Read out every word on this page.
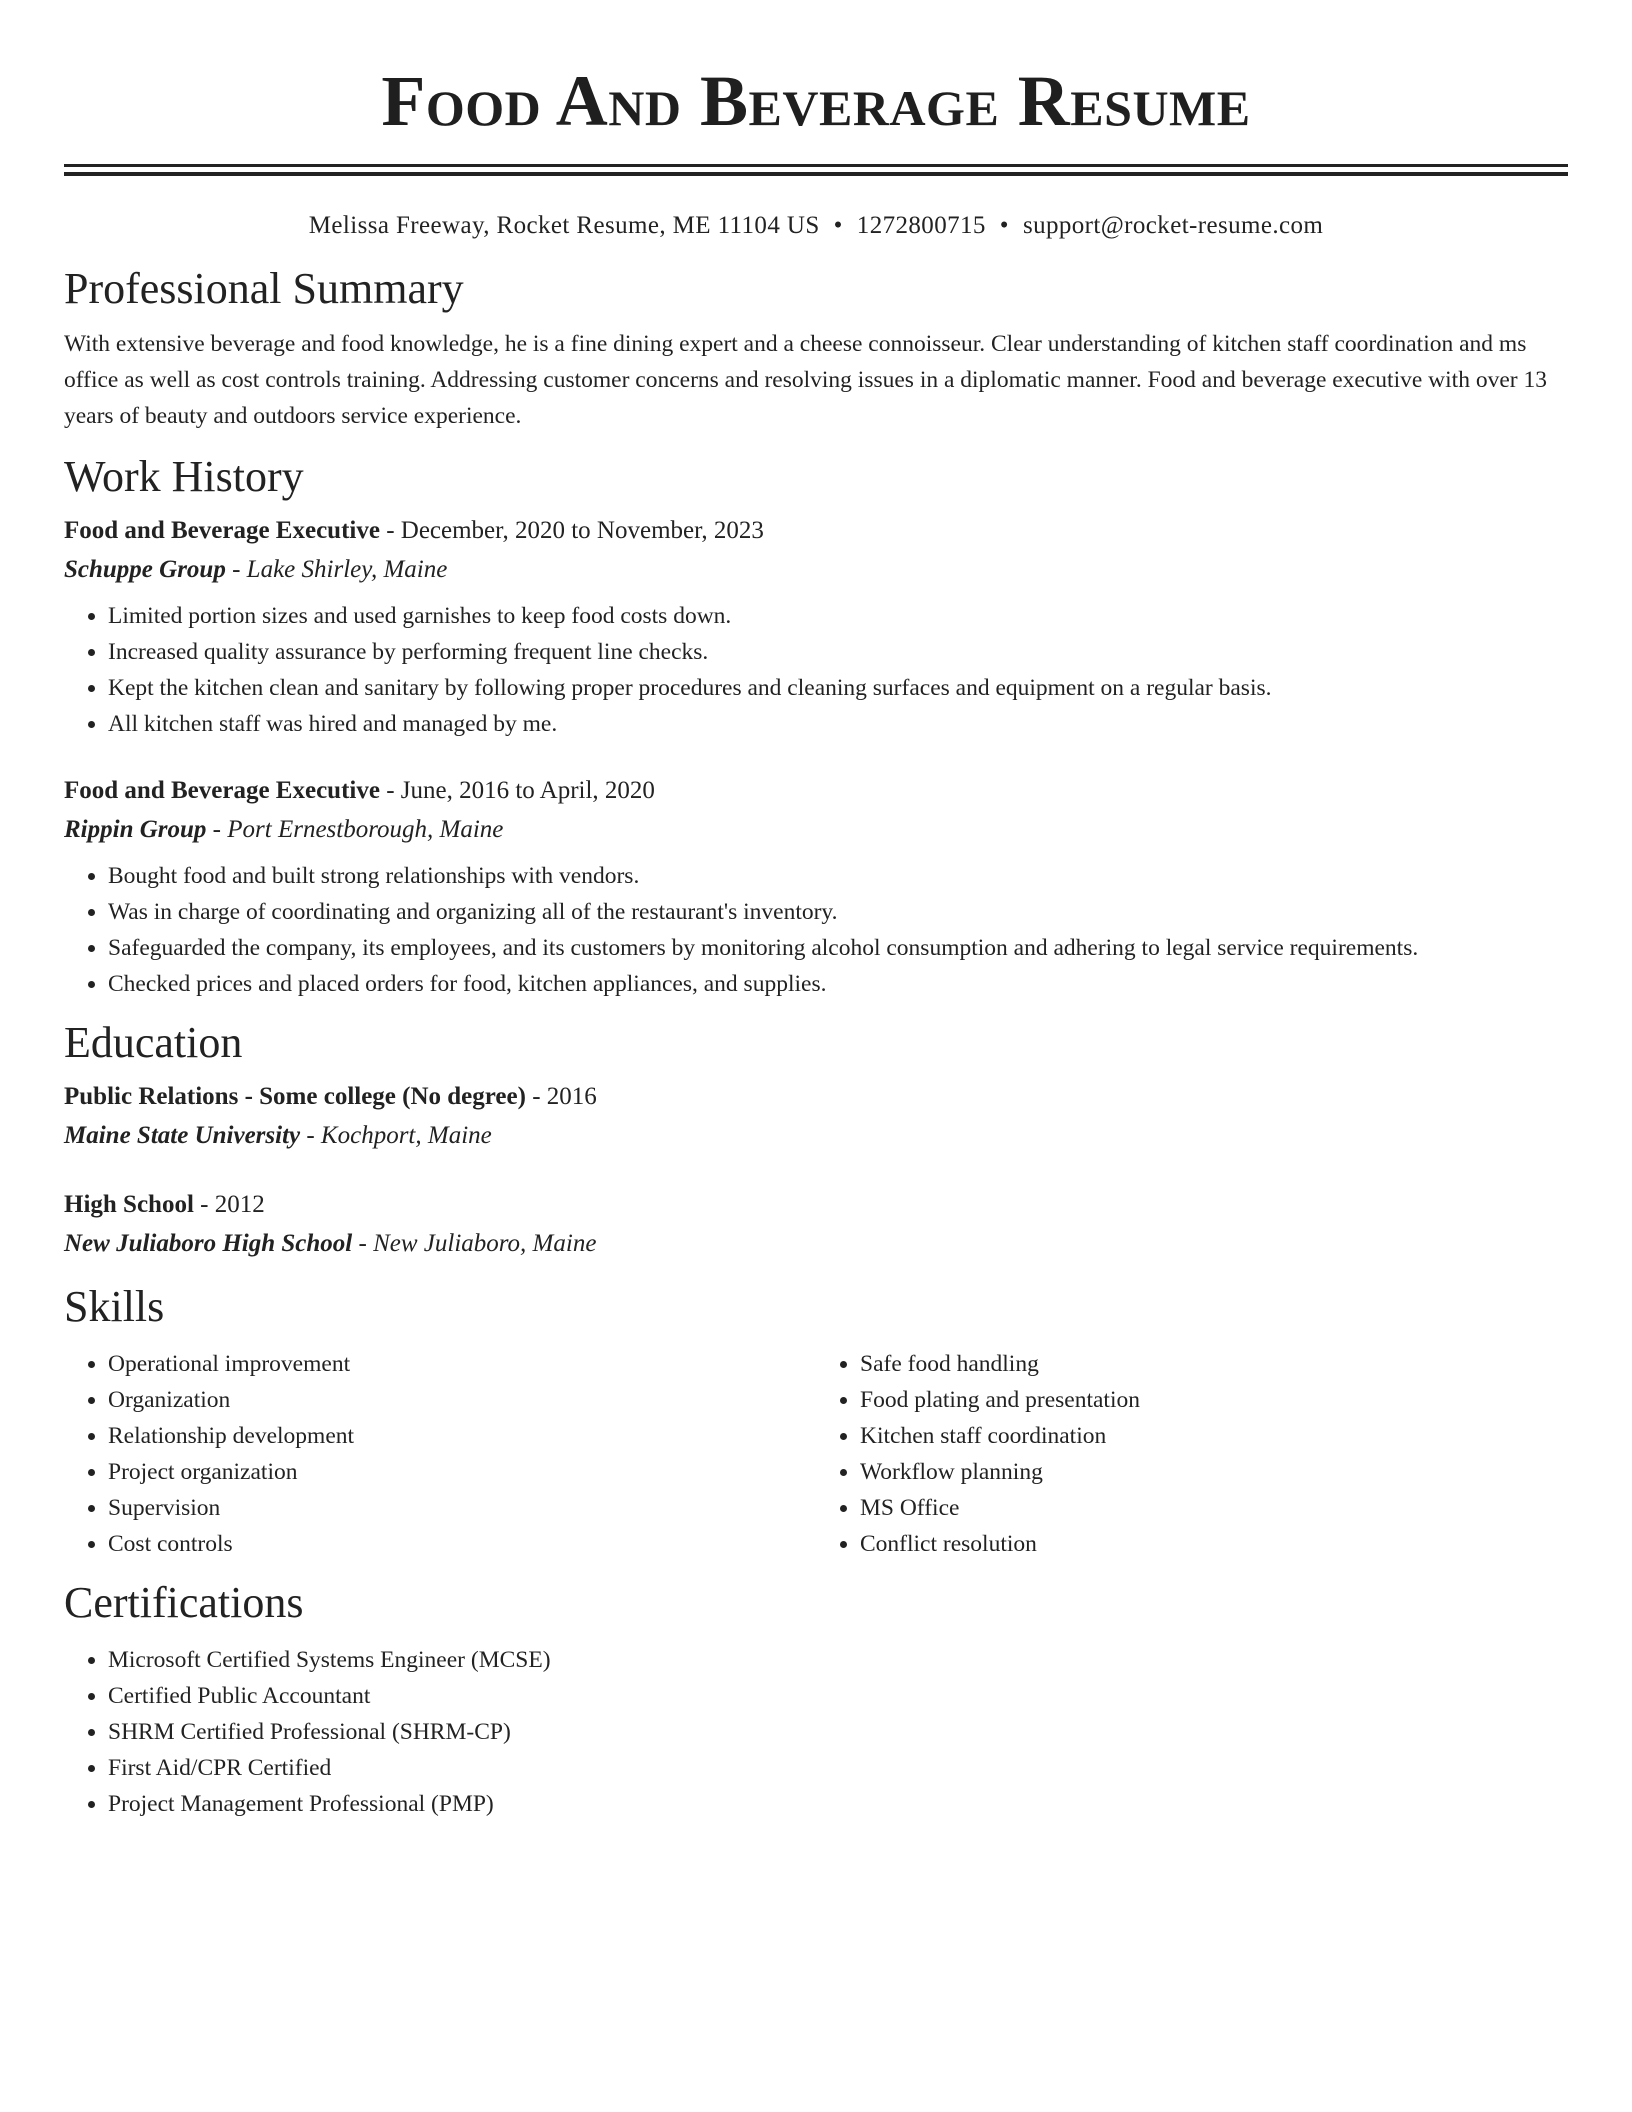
Food And Beverage Resume
Melissa Freeway, Rocket Resume, ME 11104 US • 1272800715 • support@rocket-resume.com
Professional Summary

With extensive beverage and food knowledge, he is a fine dining expert and a cheese connoisseur. Clear understanding of kitchen staff coordination and ms office as well as cost controls training. Addressing customer concerns and resolving issues in a diplomatic manner. Food and beverage executive with over 13 years of beauty and outdoors service experience.

Work History
Food and Beverage Executive - December, 2020 to November, 2023
Schuppe Group - Lake Shirley, Maine
• Limited portion sizes and used garnishes to keep food costs down.
• Increased quality assurance by performing frequent line checks.
• Kept the kitchen clean and sanitary by following proper procedures and cleaning surfaces and equipment on a regular basis.
• All kitchen staff was hired and managed by me.
Food and Beverage Executive - June, 2016 to April, 2020
Rippin Group - Port Ernestborough, Maine
• Bought food and built strong relationships with vendors.
• Was in charge of coordinating and organizing all of the restaurant's inventory.
• Safeguarded the company, its employees, and its customers by monitoring alcohol consumption and adhering to legal service requirements.
• Checked prices and placed orders for food, kitchen appliances, and supplies.
Education
Public Relations - Some college (No degree) - 2016
Maine State University - Kochport, Maine
High School - 2012
New Juliaboro High School - New Juliaboro, Maine
Skills
• Operational improvement
• Organization
• Relationship development
• Project organization
• Supervision
• Cost controls
• Safe food handling
• Food plating and presentation
• Kitchen staff coordination
• Workflow planning
• MS Office
• Conflict resolution
Certifications
• Microsoft Certified Systems Engineer (MCSE)
• Certified Public Accountant
• SHRM Certified Professional (SHRM-CP)
• First Aid/CPR Certified
• Project Management Professional (PMP)
